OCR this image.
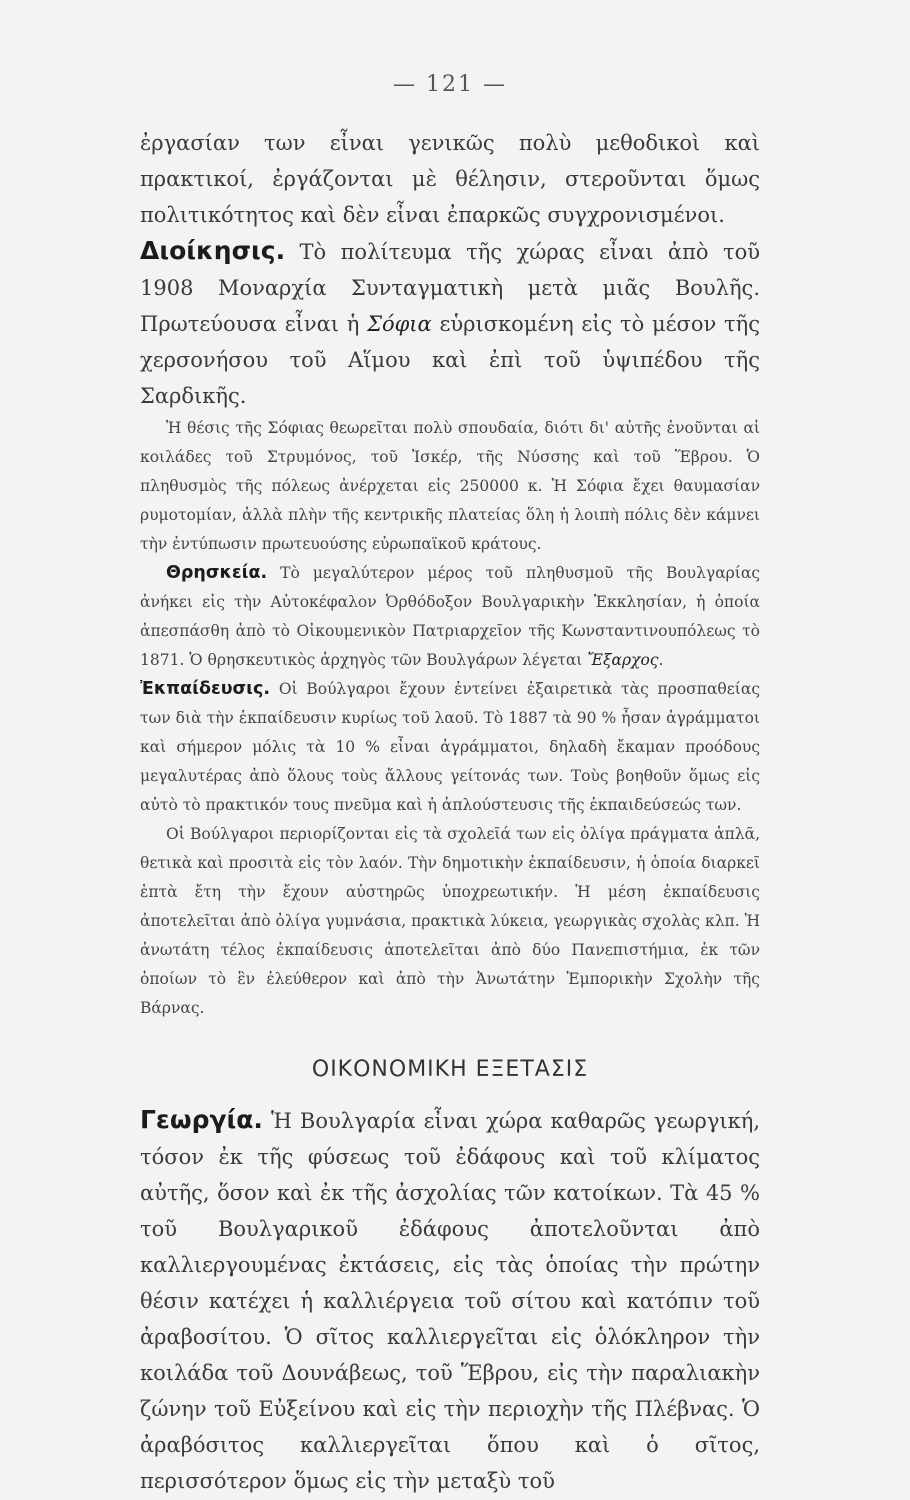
— 121 —

ἐργασίαν των εἶναι γενικῶς πολὺ μεθοδικοὶ καὶ πρακτικοί, ἐργάζονται μὲ θέλησιν, στεροῦνται ὅμως πολιτικότητος καὶ δὲν εἶναι ἐπαρκῶς συγχρονισμένοι.

Διοίκησις. Τὸ πολίτευμα τῆς χώρας εἶναι ἀπὸ τοῦ 1908 Μοναρχία Συνταγματικὴ μετὰ μιᾶς Βουλῆς. Πρωτεύουσα εἶναι ἡ Σόφια εὑρισκομένη εἰς τὸ μέσον τῆς χερσονήσου τοῦ Αἵμου καὶ ἐπὶ τοῦ ὑψιπέδου τῆς Σαρδικῆς.

Ἡ θέσις τῆς Σόφιας θεωρεῖται πολὺ σπουδαία, διότι δι' αὐτῆς ἑνοῦνται αἱ κοιλάδες τοῦ Στρυμόνος, τοῦ Ἰσκέρ, τῆς Νύσσης καὶ τοῦ Ἕβρου. Ὁ πληθυσμὸς τῆς πόλεως ἀνέρχεται εἰς 250000 κ. Ἡ Σόφια ἔχει θαυμασίαν ρυμοτομίαν, ἀλλὰ πλὴν τῆς κεντρικῆς πλατείας ὅλη ἡ λοιπὴ πόλις δὲν κάμνει τὴν ἐντύπωσιν πρωτευούσης εὐρωπαϊκοῦ κράτους.

Θρησκεία. Τὸ μεγαλύτερον μέρος τοῦ πληθυσμοῦ τῆς Βουλγαρίας ἀνήκει εἰς τὴν Αὐτοκέφαλον Ὀρθόδοξον Βουλγαρικὴν Ἐκκλησίαν, ἡ ὁποία ἀπεσπάσθη ἀπὸ τὸ Οἰκουμενικὸν Πατριαρχεῖον τῆς Κωνσταντινουπόλεως τὸ 1871. Ὁ θρησκευτικὸς ἀρχηγὸς τῶν Βουλγάρων λέγεται Ἔξαρχος.

Ἐκπαίδευσις. Οἱ Βούλγαροι ἔχουν ἐντείνει ἐξαιρετικὰ τὰς προσπαθείας των διὰ τὴν ἐκπαίδευσιν κυρίως τοῦ λαοῦ. Τὸ 1887 τὰ 90 % ἦσαν ἀγράμματοι καὶ σήμερον μόλις τὰ 10 % εἶναι ἀγράμματοι, δηλαδὴ ἔκαμαν προόδους μεγαλυτέρας ἀπὸ ὅλους τοὺς ἄλλους γείτονάς των. Τοὺς βοηθοῦν ὅμως εἰς αὐτὸ τὸ πρακτικόν τους πνεῦμα καὶ ἡ ἁπλούστευσις τῆς ἐκπαιδεύσεώς των.

Οἱ Βούλγαροι περιορίζονται εἰς τὰ σχολεῖά των εἰς ὀλίγα πράγματα ἁπλᾶ, θετικὰ καὶ προσιτὰ εἰς τὸν λαόν. Τὴν δημοτικὴν ἐκπαίδευσιν, ἡ ὁποία διαρκεῖ ἑπτὰ ἔτη τὴν ἔχουν αὐστηρῶς ὑποχρεωτικήν. Ἡ μέση ἐκπαίδευσις ἀποτελεῖται ἀπὸ ὀλίγα γυμνάσια, πρακτικὰ λύκεια, γεωργικὰς σχολὰς κλπ. Ἡ ἀνωτάτη τέλος ἐκπαίδευσις ἀποτελεῖται ἀπὸ δύο Πανεπιστήμια, ἐκ τῶν ὁποίων τὸ ἓν ἐλεύθερον καὶ ἀπὸ τὴν Ἀνωτάτην Ἐμπορικὴν Σχολὴν τῆς Βάρνας.

ΟΙΚΟΝΟΜΙΚΗ ΕΞΕΤΑΣΙΣ

Γεωργία. Ἡ Βουλγαρία εἶναι χώρα καθαρῶς γεωργική, τόσον ἐκ τῆς φύσεως τοῦ ἐδάφους καὶ τοῦ κλίματος αὐτῆς, ὅσον καὶ ἐκ τῆς ἀσχολίας τῶν κατοίκων. Τὰ 45 % τοῦ Βουλγαρικοῦ ἐδάφους ἀποτελοῦνται ἀπὸ καλλιεργουμένας ἐκτάσεις, εἰς τὰς ὁποίας τὴν πρώτην θέσιν κατέχει ἡ καλλιέργεια τοῦ σίτου καὶ κατόπιν τοῦ ἀραβοσίτου. Ὁ σῖτος καλλιεργεῖται εἰς ὁλόκληρον τὴν κοιλάδα τοῦ Δουνάβεως, τοῦ Ἕβρου, εἰς τὴν παραλιακὴν ζώνην τοῦ Εὐξείνου καὶ εἰς τὴν περιοχὴν τῆς Πλέβνας. Ὁ ἀραβόσιτος καλλιεργεῖται ὅπου καὶ ὁ σῖτος, περισσότερον ὅμως εἰς τὴν μεταξὺ τοῦ
